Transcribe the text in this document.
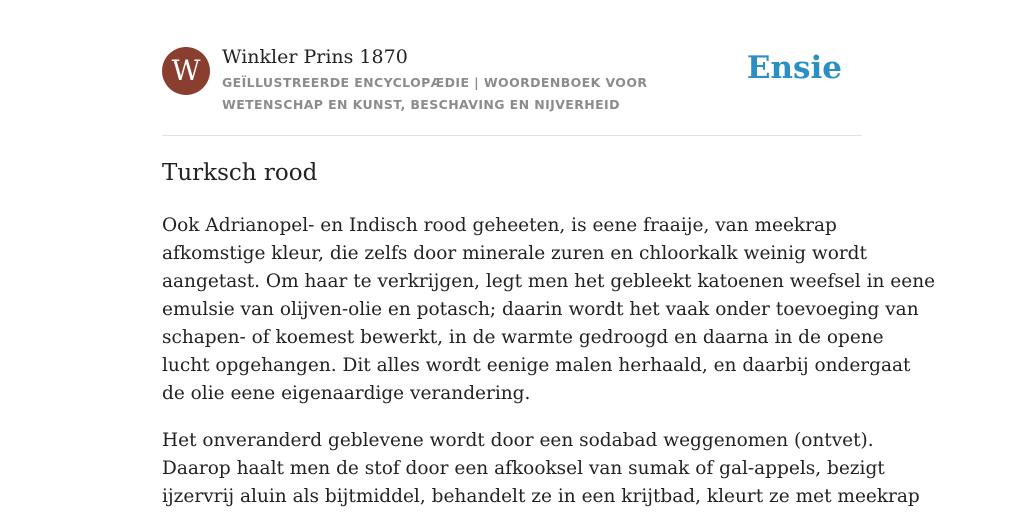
W	Winkler Prins 1870
GEÏLLUSTREERDE ENCYCLOPÆDIE | WOORDENBOEK VOOR WETENSCHAP EN KUNST, BESCHAVING EN NIJVERHEID
Ensie
Turksch rood

Ook Adrianopel- en Indisch rood geheeten, is eene fraaije, van meekrap
afkomstige kleur, die zelfs door minerale zuren en chloorkalk weinig wordt
aangetast. Om haar te verkrijgen, legt men het gebleekt katoenen weefsel in eene
emulsie van olijven-olie en potasch; daarin wordt het vaak onder toevoeging van
schapen- of koemest bewerkt, in de warmte gedroogd en daarna in de opene
lucht opgehangen. Dit alles wordt eenige malen herhaald, en daarbij ondergaat
de olie eene eigenaardige verandering.

Het onveranderd geblevene wordt door een sodabad weggenomen (ontvet).
Daarop haalt men de stof door een afkooksel van sumak of gal-appels, bezigt
ijzervrij aluin als bijtmiddel, behandelt ze in een krijtbad, kleurt ze met meekrap
